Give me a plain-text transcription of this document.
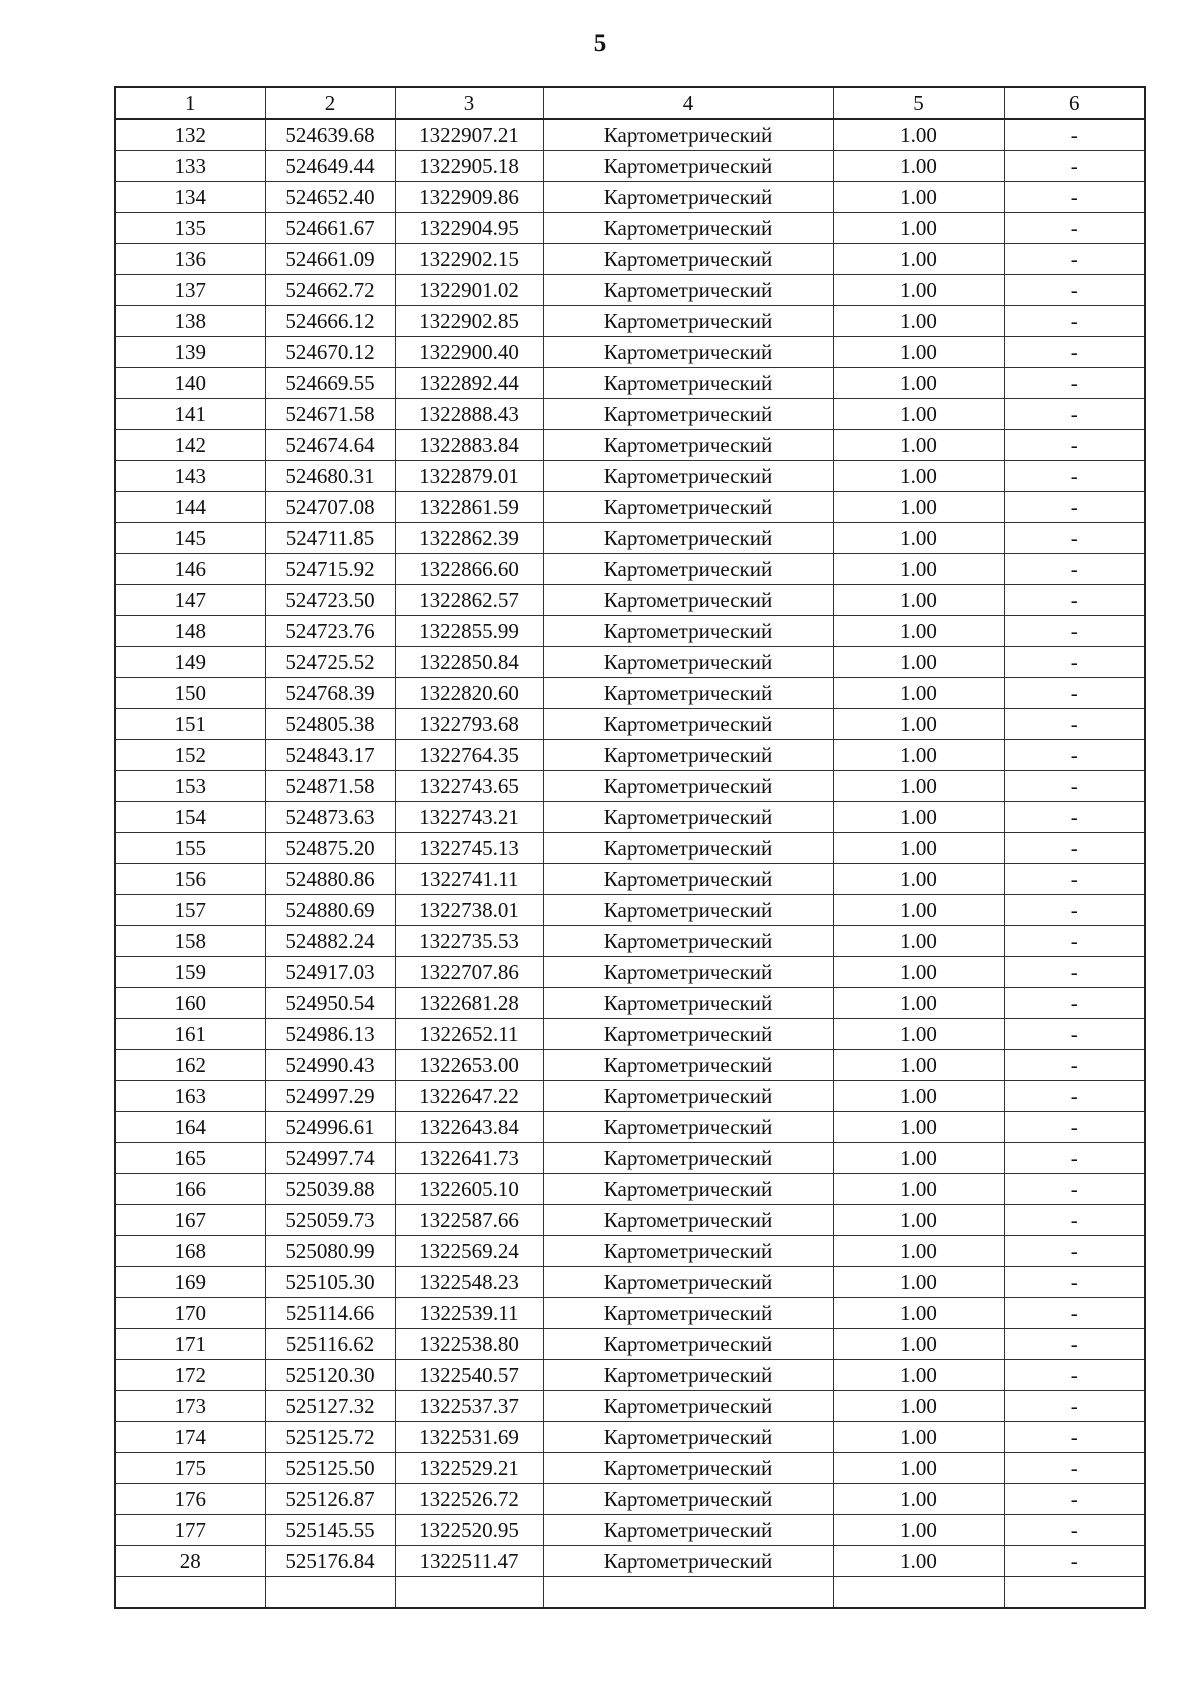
5
1	2	3	4	5	6
132	524639.68	1322907.21	Картометрический	1.00	-
133	524649.44	1322905.18	Картометрический	1.00	-
134	524652.40	1322909.86	Картометрический	1.00	-
135	524661.67	1322904.95	Картометрический	1.00	-
136	524661.09	1322902.15	Картометрический	1.00	-
137	524662.72	1322901.02	Картометрический	1.00	-
138	524666.12	1322902.85	Картометрический	1.00	-
139	524670.12	1322900.40	Картометрический	1.00	-
140	524669.55	1322892.44	Картометрический	1.00	-
141	524671.58	1322888.43	Картометрический	1.00	-
142	524674.64	1322883.84	Картометрический	1.00	-
143	524680.31	1322879.01	Картометрический	1.00	-
144	524707.08	1322861.59	Картометрический	1.00	-
145	524711.85	1322862.39	Картометрический	1.00	-
146	524715.92	1322866.60	Картометрический	1.00	-
147	524723.50	1322862.57	Картометрический	1.00	-
148	524723.76	1322855.99	Картометрический	1.00	-
149	524725.52	1322850.84	Картометрический	1.00	-
150	524768.39	1322820.60	Картометрический	1.00	-
151	524805.38	1322793.68	Картометрический	1.00	-
152	524843.17	1322764.35	Картометрический	1.00	-
153	524871.58	1322743.65	Картометрический	1.00	-
154	524873.63	1322743.21	Картометрический	1.00	-
155	524875.20	1322745.13	Картометрический	1.00	-
156	524880.86	1322741.11	Картометрический	1.00	-
157	524880.69	1322738.01	Картометрический	1.00	-
158	524882.24	1322735.53	Картометрический	1.00	-
159	524917.03	1322707.86	Картометрический	1.00	-
160	524950.54	1322681.28	Картометрический	1.00	-
161	524986.13	1322652.11	Картометрический	1.00	-
162	524990.43	1322653.00	Картометрический	1.00	-
163	524997.29	1322647.22	Картометрический	1.00	-
164	524996.61	1322643.84	Картометрический	1.00	-
165	524997.74	1322641.73	Картометрический	1.00	-
166	525039.88	1322605.10	Картометрический	1.00	-
167	525059.73	1322587.66	Картометрический	1.00	-
168	525080.99	1322569.24	Картометрический	1.00	-
169	525105.30	1322548.23	Картометрический	1.00	-
170	525114.66	1322539.11	Картометрический	1.00	-
171	525116.62	1322538.80	Картометрический	1.00	-
172	525120.30	1322540.57	Картометрический	1.00	-
173	525127.32	1322537.37	Картометрический	1.00	-
174	525125.72	1322531.69	Картометрический	1.00	-
175	525125.50	1322529.21	Картометрический	1.00	-
176	525126.87	1322526.72	Картометрический	1.00	-
177	525145.55	1322520.95	Картометрический	1.00	-
28	525176.84	1322511.47	Картометрический	1.00	-
